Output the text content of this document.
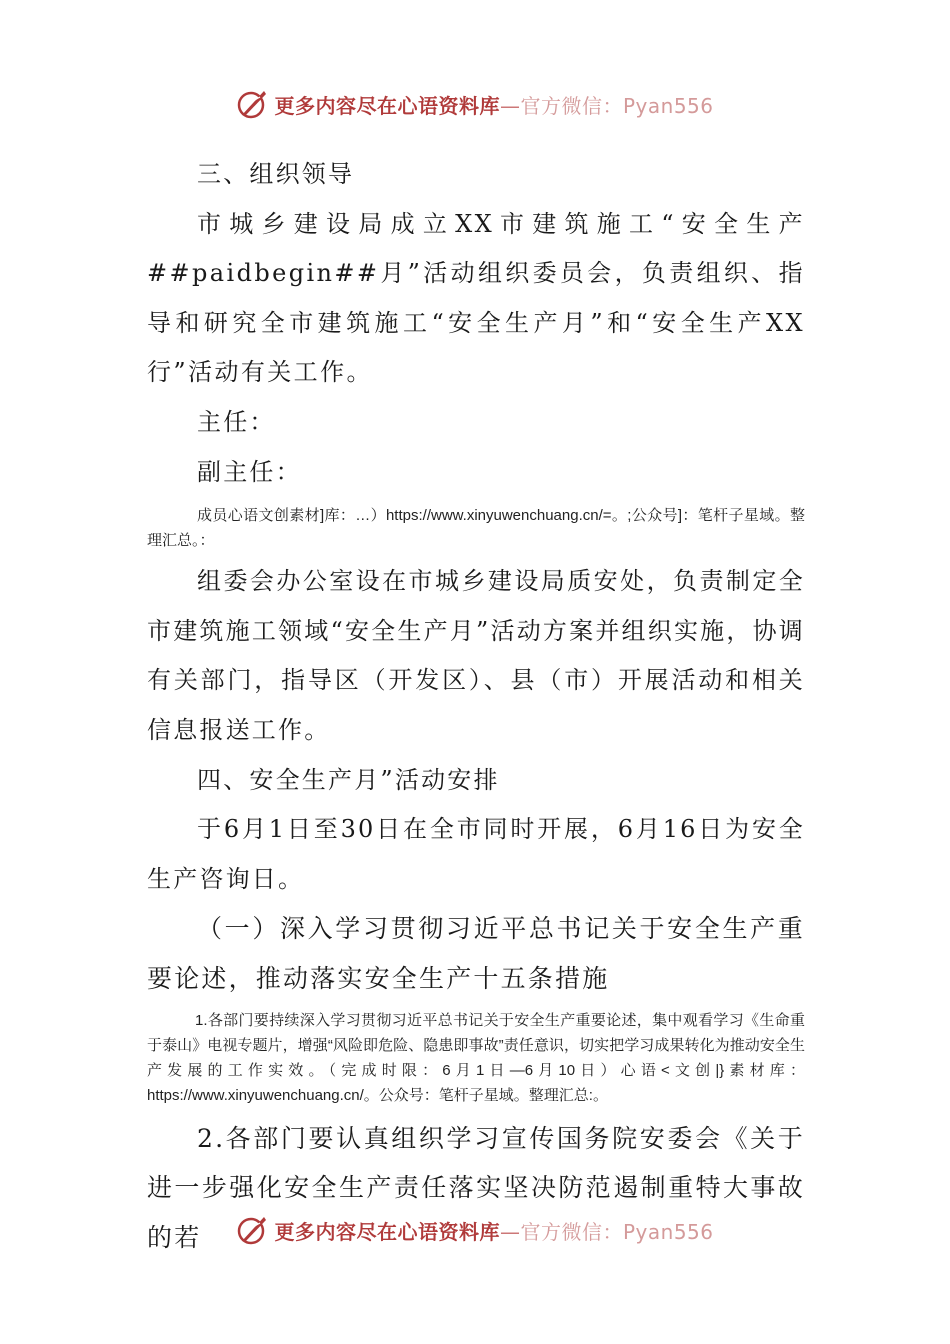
更多内容尽在心语资料库—官方微信：Pyan556

三、组织领导

市城乡建设局成立XX市建筑施工“安全生产##paidbegin##月”活动组织委员会，负责组织、指导和研究全市建筑施工“安全生产月”和“安全生产XX行”活动有关工作。

主任：

副主任：

成员心语文创素材]库：…）https://www.xinyuwenchuang.cn/=。;公众号]：笔杆子星域。整理汇总。：

组委会办公室设在市城乡建设局质安处，负责制定全市建筑施工领域“安全生产月”活动方案并组织实施，协调有关部门，指导区（开发区）、县（市）开展活动和相关信息报送工作。

四、安全生产月”活动安排

于6月1日至30日在全市同时开展，6月16日为安全生产咨询日。

（一）深入学习贯彻习近平总书记关于安全生产重要论述，推动落实安全生产十五条措施

1.各部门要持续深入学习贯彻习近平总书记关于安全生产重要论述，集中观看学习《生命重于泰山》电视专题片，增强“风险即危险、隐患即事故”责任意识，切实把学习成果转化为推动安全生产发展的工作实效。（完成时限：6月1日—6月10日）心语<文创|}素材库：https://www.xinyuwenchuang.cn/。公众号：笔杆子星域。整理汇总:。

2.各部门要认真组织学习宣传国务院安委会《关于进一步强化安全生产责任落实坚决防范遏制重特大事故的若	更多内容尽在心语资料库—官方微信：Pyan556
